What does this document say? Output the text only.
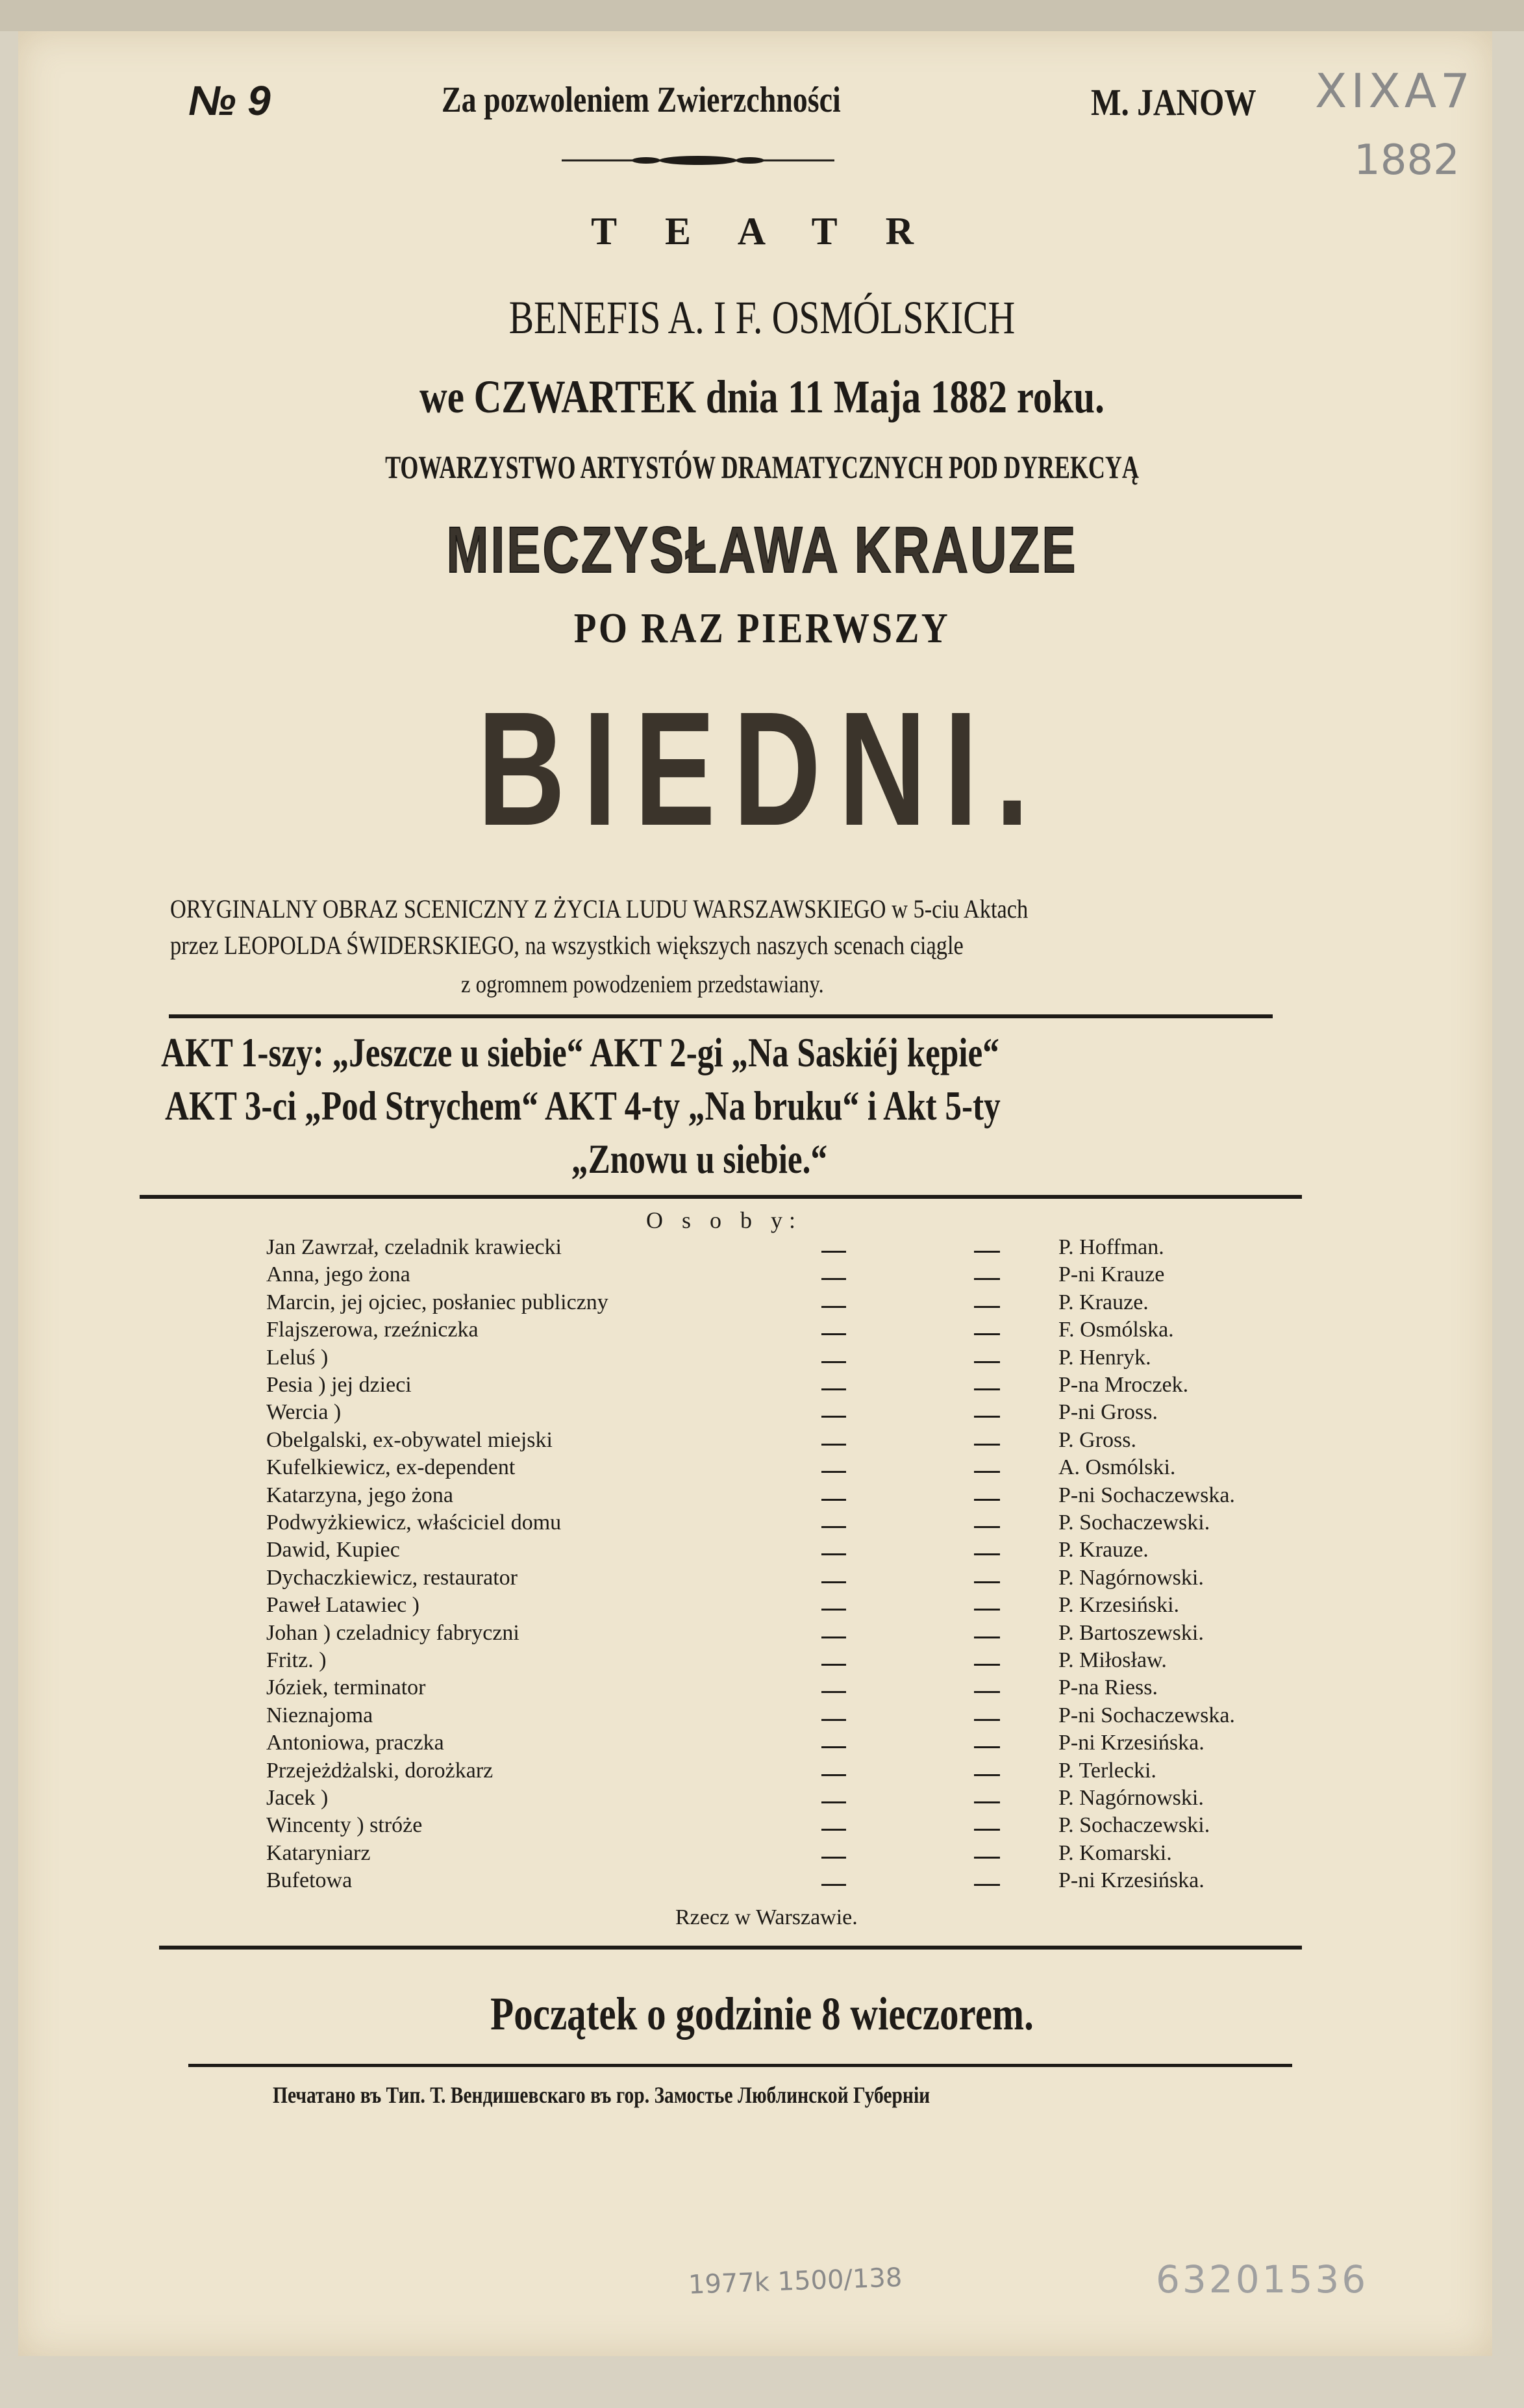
№ 9	Za pozwoleniem Zwierzchności	M. JANOW XIXA7
1882
T E A T R
BENEFIS A. I F. OSMÓLSKICH
we CZWARTEK dnia 11 Maja 1882 roku.
TOWARZYSTWO ARTYSTÓW DRAMATYCZNYCH POD DYREKCYĄ
MIECZYSŁAWA KRAUZE
PO RAZ PIERWSZY
BIEDNI.
ORYGINALNY OBRAZ SCENICZNY Z ŻYCIA LUDU WARSZAWSKIEGO w 5-ciu Aktach
przez LEOPOLDA ŚWIDERSKIEGO, na wszystkich większych naszych scenach ciągle
z ogromnem powodzeniem przedstawiany.
AKT 1-szy: „Jeszcze u siebie“ AKT 2-gi „Na Saskiéj kępie“
AKT 3-ci „Pod Strychem“ AKT 4-ty „Na bruku“ i Akt 5-ty
„Znowu u siebie.“
O s o b y:
Jan Zawrzał, czeladnik krawiecki	P. Hoffman.
Anna, jego żona	P-ni Krauze
Marcin, jej ojciec, posłaniec publiczny	P. Krauze.
Flajszerowa, rzeźniczka	F. Osmólska.
Leluś )	P. Henryk.
Pesia ) jej dzieci	P-na Mroczek.
Wercia )	P-ni Gross.
Obelgalski, ex-obywatel miejski	P. Gross.
Kufelkiewicz, ex-dependent	A. Osmólski.
Katarzyna, jego żona	P-ni Sochaczewska.
Podwyżkiewicz, właściciel domu	P. Sochaczewski.
Dawid, Kupiec	P. Krauze.
Dychaczkiewicz, restaurator	P. Nagórnowski.
Paweł Latawiec )	P. Krzesiński.
Johan ) czeladnicy fabryczni	P. Bartoszewski.
Fritz. )	P. Miłosław.
Józiek, terminator	P-na Riess.
Nieznajoma	P-ni Sochaczewska.
Antoniowa, praczka	P-ni Krzesińska.
Przejeżdżalski, dorożkarz	P. Terlecki.
Jacek )	P. Nagórnowski.
Wincenty ) stróże	P. Sochaczewski.
Kataryniarz	P. Komarski.
Bufetowa	P-ni Krzesińska.
Rzecz w Warszawie.
Początek o godzinie 8 wieczorem.
Печатано въ Тип. Т. Вендишевскаго въ гор. Замостье Люблинской Губерніи
1977k 1500/138	63201536
